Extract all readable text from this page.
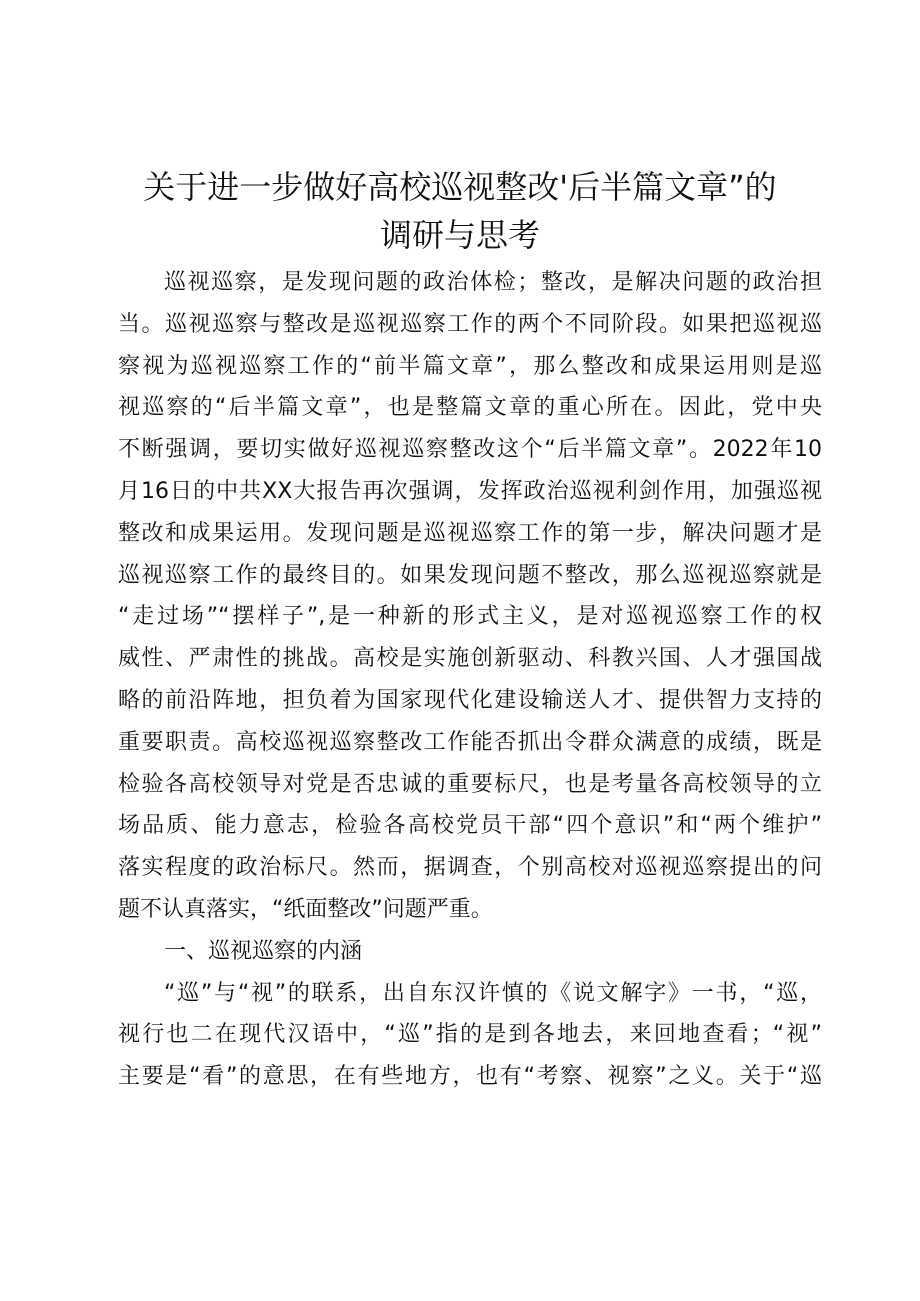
关于进一步做好高校巡视整改'后半篇文章”的
调研与思考
巡视巡察，是发现问题的政治体检；整改，是解决问题的政治担
当。巡视巡察与整改是巡视巡察工作的两个不同阶段。如果把巡视巡
察视为巡视巡察工作的“前半篇文章”，那么整改和成果运用则是巡
视巡察的“后半篇文章”，也是整篇文章的重心所在。因此，党中央
不断强调，要切实做好巡视巡察整改这个“后半篇文章”。2022年10
月16日的中共XX大报告再次强调，发挥政治巡视利剑作用，加强巡视
整改和成果运用。发现问题是巡视巡察工作的第一步，解决问题才是
巡视巡察工作的最终目的。如果发现问题不整改，那么巡视巡察就是
“走过场”“摆样子”,是一种新的形式主义，是对巡视巡察工作的权
威性、严肃性的挑战。高校是实施创新驱动、科教兴国、人才强国战
略的前沿阵地，担负着为国家现代化建设输送人才、提供智力支持的
重要职责。高校巡视巡察整改工作能否抓出令群众满意的成绩，既是
检验各高校领导对党是否忠诚的重要标尺，也是考量各高校领导的立
场品质、能力意志，检验各高校党员干部“四个意识”和“两个维护”
落实程度的政治标尺。然而，据调查，个别高校对巡视巡察提出的问
题不认真落实，“纸面整改”问题严重。
一、巡视巡察的内涵
“巡”与“视”的联系，出自东汉许慎的《说文解字》一书，“巡，
视行也二在现代汉语中，“巡”指的是到各地去，来回地查看；“视”
主要是“看”的意思，在有些地方，也有“考察、视察”之义。关于“巡
